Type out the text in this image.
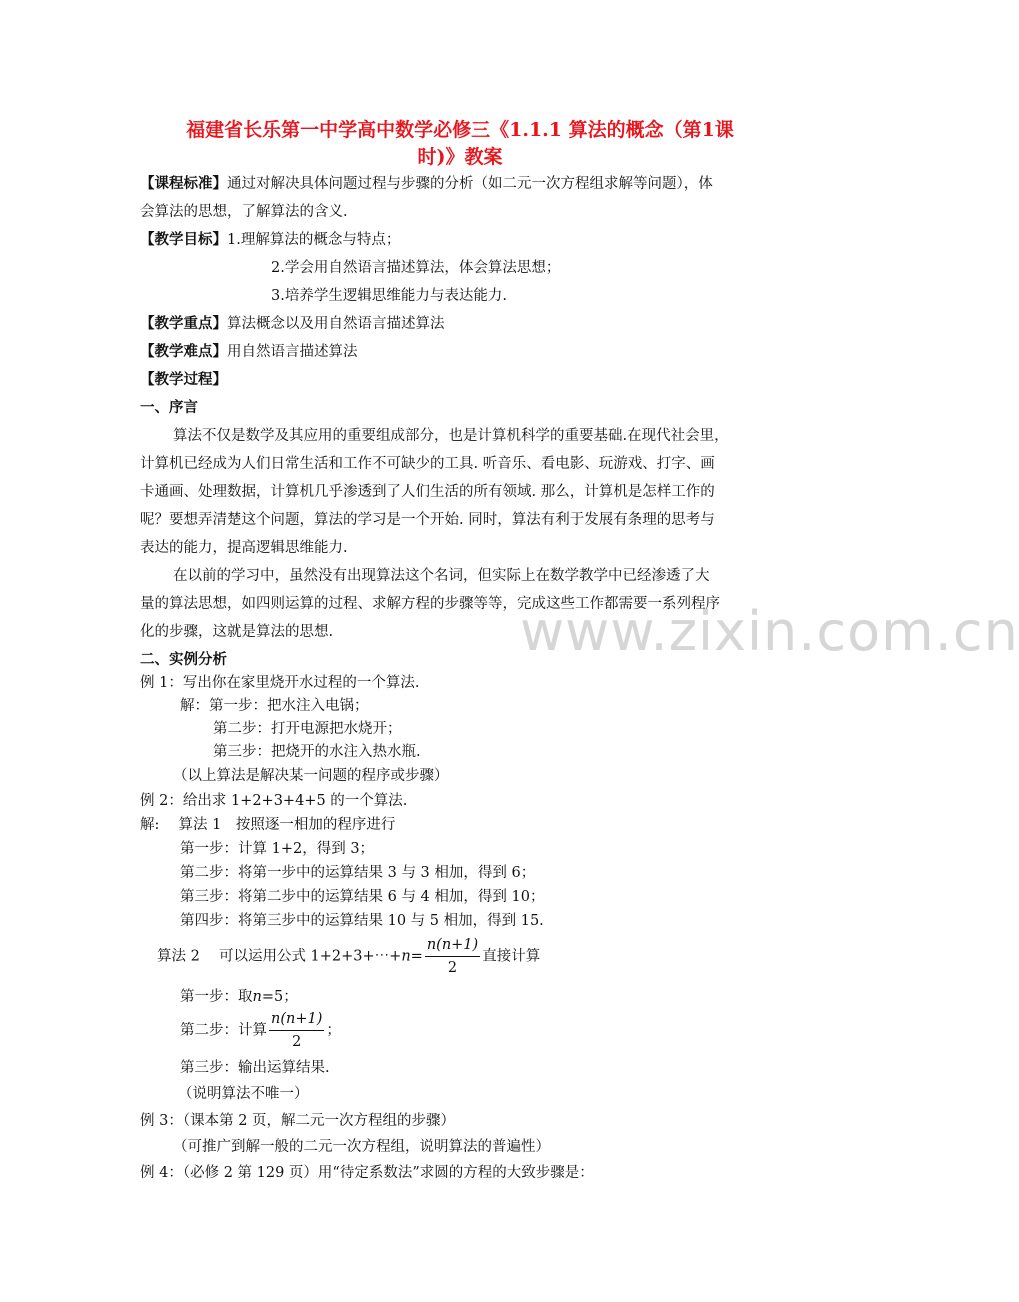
www.zixin.com.cn
福建省长乐第一中学高中数学必修三《1.1.1 算法的概念（第1课
时)》教案
【课程标准】通过对解决具体问题过程与步骤的分析（如二元一次方程组求解等问题），体
会算法的思想，了解算法的含义.
【教学目标】1.理解算法的概念与特点；
2.学会用自然语言描述算法，体会算法思想；
3.培养学生逻辑思维能力与表达能力.
【教学重点】算法概念以及用自然语言描述算法
【教学难点】用自然语言描述算法
【教学过程】
一、序言
算法不仅是数学及其应用的重要组成部分，也是计算机科学的重要基础.在现代社会里，
计算机已经成为人们日常生活和工作不可缺少的工具. 听音乐、看电影、玩游戏、打字、画
卡通画、处理数据，计算机几乎渗透到了人们生活的所有领域. 那么，计算机是怎样工作的
呢？要想弄清楚这个问题，算法的学习是一个开始. 同时，算法有利于发展有条理的思考与
表达的能力，提高逻辑思维能力.
在以前的学习中，虽然没有出现算法这个名词，但实际上在数学教学中已经渗透了大
量的算法思想，如四则运算的过程、求解方程的步骤等等，完成这些工作都需要一系列程序
化的步骤，这就是算法的思想.
二、实例分析
例 1：写出你在家里烧开水过程的一个算法.
解：第一步：把水注入电锅；
第二步：打开电源把水烧开；
第三步：把烧开的水注入热水瓶.
（以上算法是解决某一问题的程序或步骤）
例 2：给出求 1+2+3+4+5 的一个算法.
解:　 算法 1　按照逐一相加的程序进行
第一步：计算 1+2，得到 3；
第二步：将第一步中的运算结果 3 与 3 相加，得到 6；
第三步：将第二步中的运算结果 6 与 4 相加，得到 10；
第四步：将第三步中的运算结果 10 与 5 相加，得到 15.
算法 2　 可以运用公式 1+2+3+⋯+n= $\frac{n(n+1)}{2}$ 直接计算
第一步：取n=5；
第二步：计算 $\frac{n(n+1)}{2}$ ；
第三步：输出运算结果.
（说明算法不唯一）
例 3：（课本第 2 页，解二元一次方程组的步骤）
（可推广到解一般的二元一次方程组，说明算法的普遍性）
例 4：（必修 2 第 129 页）用“待定系数法”求圆的方程的大致步骤是：
